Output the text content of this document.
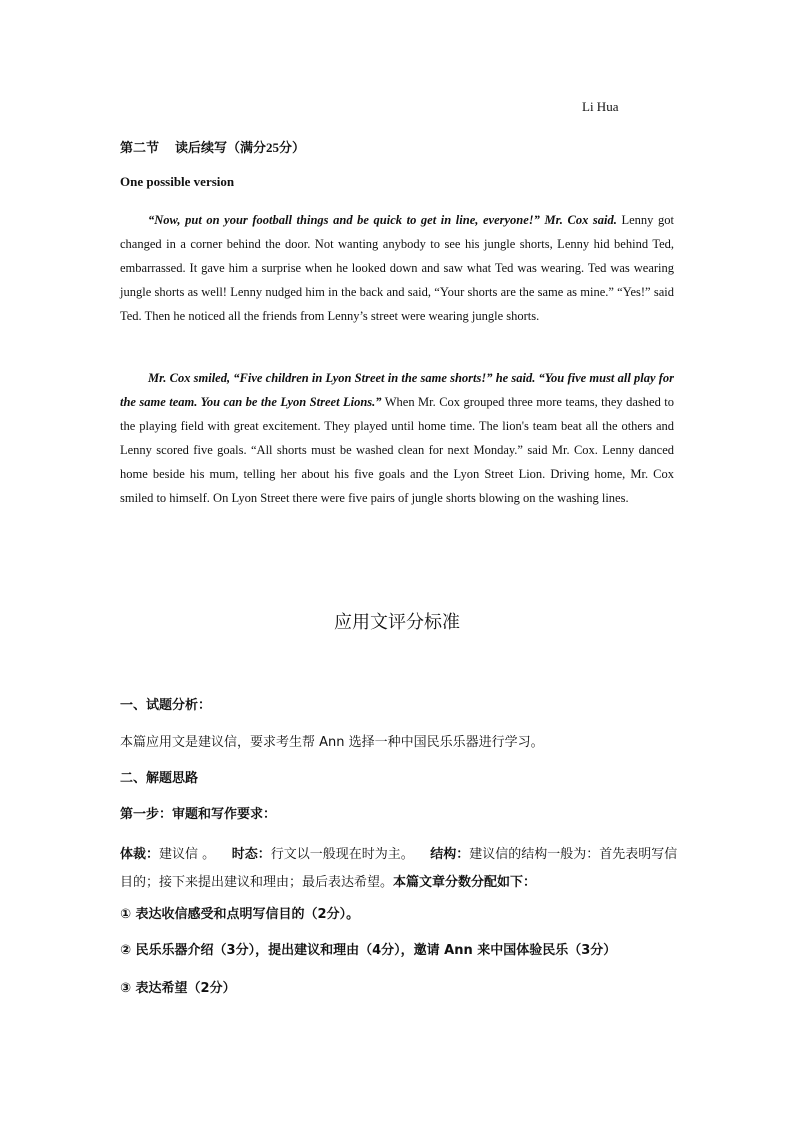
Li Hua
第二节 读后续写（满分25分）
One possible version
“Now, put on your football things and be quick to get in line, everyone!” Mr. Cox said. Lenny got changed in a corner behind the door. Not wanting anybody to see his jungle shorts, Lenny hid behind Ted, embarrassed. It gave him a surprise when he looked down and saw what Ted was wearing. Ted was wearing jungle shorts as well! Lenny nudged him in the back and said, “Your shorts are the same as mine.” “Yes!” said Ted. Then he noticed all the friends from Lenny’s street were wearing jungle shorts.
Mr. Cox smiled, “Five children in Lyon Street in the same shorts!” he said. “You five must all play for the same team. You can be the Lyon Street Lions.” When Mr. Cox grouped three more teams, they dashed to the playing field with great excitement. They played until home time. The lion's team beat all the others and Lenny scored five goals. “All shorts must be washed clean for next Monday.” said Mr. Cox. Lenny danced home beside his mum, telling her about his five goals and the Lyon Street Lion. Driving home, Mr. Cox smiled to himself. On Lyon Street there were five pairs of jungle shorts blowing on the washing lines.
应用文评分标准
一、试题分析：
本篇应用文是建议信，要求考生帮 Ann 选择一种中国民乐乐器进行学习。
二、解题思路
第一步：审题和写作要求：
体裁：建议信 。 时态：行文以一般现在时为主。 结构：建议信的结构一般为：首先表明写信目的；接下来提出建议和理由；最后表达希望。本篇文章分数分配如下：
① 表达收信感受和点明写信目的（2分）。
② 民乐乐器介绍（3分），提出建议和理由（4分），邀请 Ann 来中国体验民乐（3分）
③ 表达希望（2分）
